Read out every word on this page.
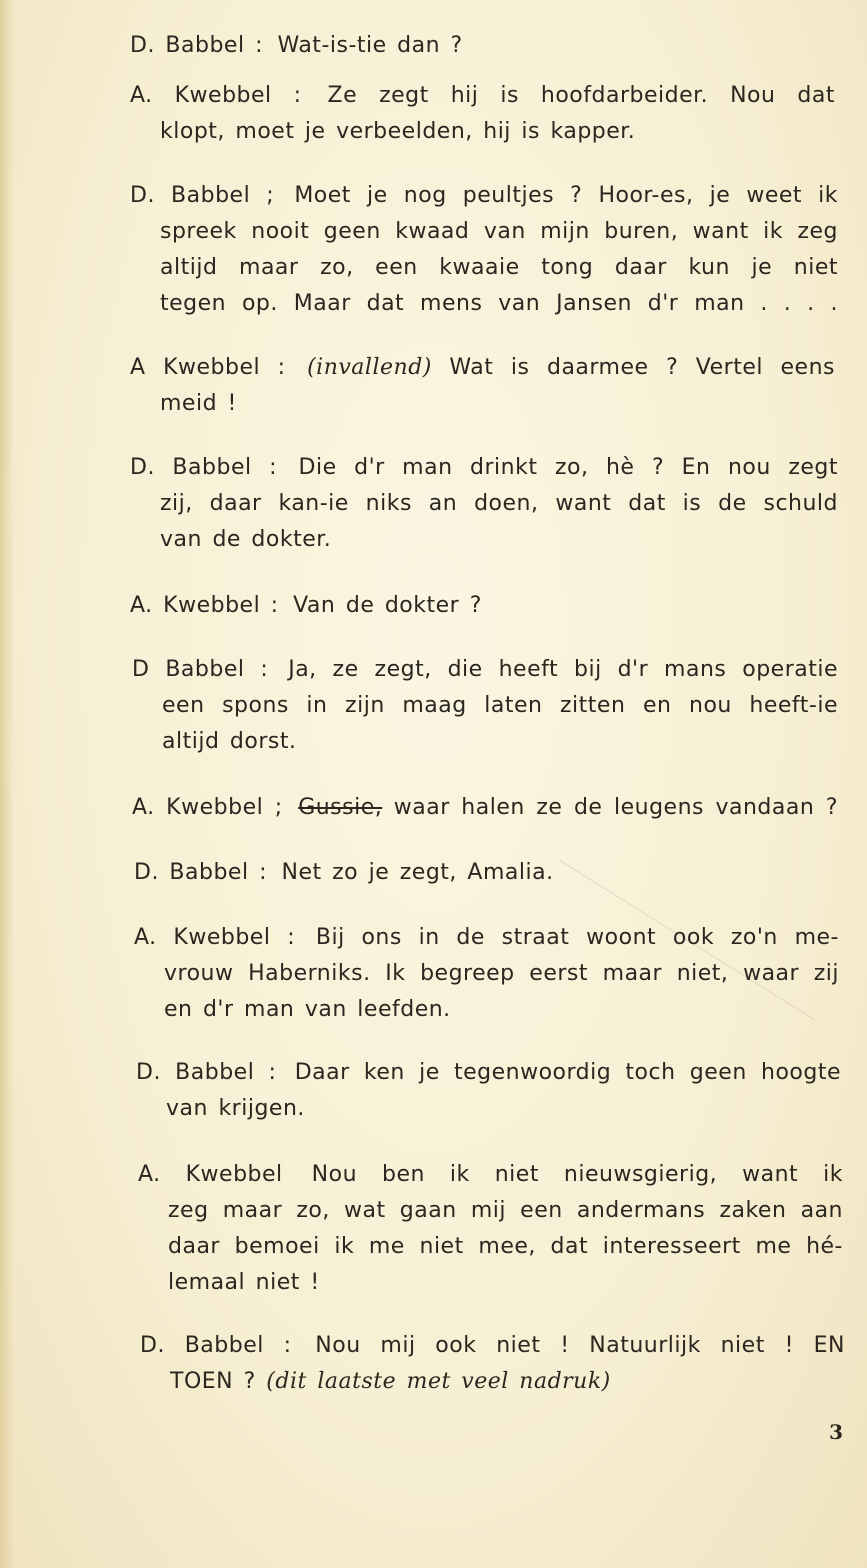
D. Babbel : Wat-is-tie dan ?
A. Kwebbel : Ze zegt hij is hoofdarbeider. Nou dat
klopt, moet je verbeelden, hij is kapper.
D. Babbel ; Moet je nog peultjes ? Hoor-es, je weet ik
spreek nooit geen kwaad van mijn buren, want ik zeg
altijd maar zo, een kwaaie tong daar kun je niet
tegen op. Maar dat mens van Jansen d'r man . . . .
A Kwebbel : (invallend) Wat is daarmee ? Vertel eens
meid !
D. Babbel : Die d'r man drinkt zo, hè ? En nou zegt
zij, daar kan-ie niks an doen, want dat is de schuld
van de dokter.
A. Kwebbel : Van de dokter ?
D Babbel : Ja, ze zegt, die heeft bij d'r mans operatie
een spons in zijn maag laten zitten en nou heeft-ie
altijd dorst.
A. Kwebbel ; Gussie, waar halen ze de leugens vandaan ?
D. Babbel : Net zo je zegt, Amalia.
A. Kwebbel : Bij ons in de straat woont ook zo'n me-
vrouw Haberniks. Ik begreep eerst maar niet, waar zij
en d'r man van leefden.
D. Babbel : Daar ken je tegenwoordig toch geen hoogte
van krijgen.
A. Kwebbel Nou ben ik niet nieuwsgierig, want ik
zeg maar zo, wat gaan mij een andermans zaken aan
daar bemoei ik me niet mee, dat interesseert me hé-
lemaal niet !
D. Babbel : Nou mij ook niet ! Natuurlijk niet ! EN
TOEN ? (dit laatste met veel nadruk)
3
